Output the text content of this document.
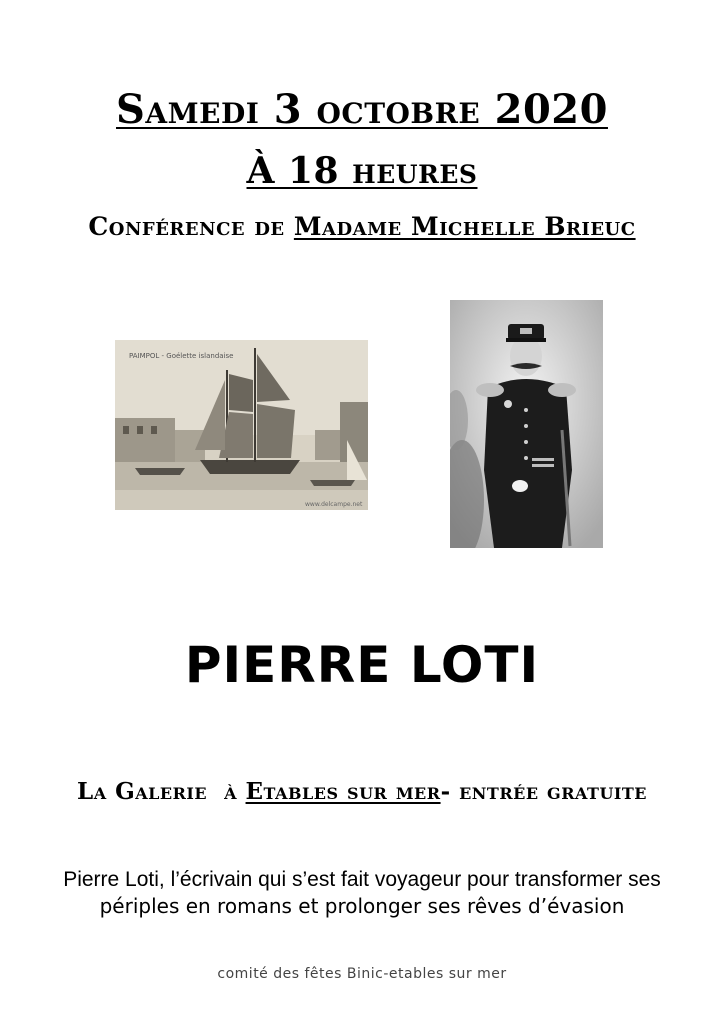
Samedi 3 octobre 2020
À 18 heures
Conférence de Madame Michelle Brieuc
PAIMPOL - Goélette islandaise
www.delcampe.net
PIERRE LOTI
La Galerie  à Etables sur mer- entrée gratuite
Pierre Loti, l’écrivain qui s’est fait voyageur pour transformer ses
périples en romans et prolonger ses rêves d’évasion
comité des fêtes Binic-etables sur mer
